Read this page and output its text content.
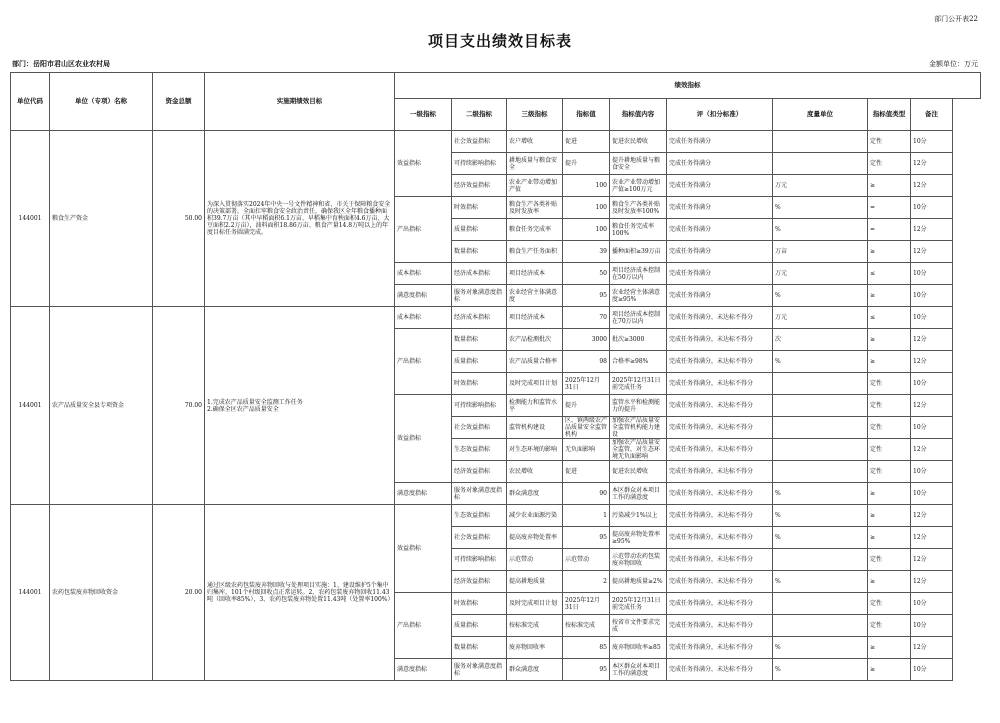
部门公开表22
项目支出绩效目标表
部门：岳阳市君山区农业农村局	金额单位：万元
单位代码	单位（专项）名称	资金总额	实施期绩效目标	绩效指标								
				一级指标	二级指标	三级指标	指标值	指标值内容	评（扣分标准）	度量单位	指标值类型	备注
144001	粮食生产资金	50.00	为深入贯彻落实2024年中央一号文件精神和省、市关于保障粮食安全的决策部署，全面扛牢粮食安全政治责任，确保我区全年粮食播种面积39.7万亩（其中早稻面积6.1万亩、早稻集中育秧面积4.6万亩、大豆面积2.2万亩），油料面积18.86万亩、粮食产量14.8万吨以上的年度目标任务圆满完成。	效益指标	社会效益指标	农户增收	促进	促进农民增收	完成任务得满分		定性	10分
					可持续影响指标	耕地质量与粮食安全	提升	提升耕地质量与粮食安全	完成任务得满分		定性	12分
					经济效益指标	农业产业带动增加产值	100	农业产业带动增加产值≥100万元	完成任务得满分	万元	≥	12分
				产出指标	时效指标	粮食生产各类补贴及时发放率	100	粮食生产各类补贴及时发放率100%	完成任务得满分	%	=	10分
					质量指标	粮食任务完成率	100	粮食任务完成率100%	完成任务得满分	%	=	12分
					数量指标	粮食生产任务面积	39	播种面积≥39万亩	完成任务得满分	万亩	≥	12分
				成本指标	经济成本指标	项目经济成本	50	项目经济成本控制在50万以内	完成任务得满分	万元	≤	10分
				满意度指标	服务对象满意度指标	农业经营主体满意度	95	农业经营主体满意度≥95%	完成任务得满分	%	≥	10分
144001	农产品质量安全县专项资金	70.00	1.完成农产品质量安全监测工作任务
2.确保全区农产品质量安全	成本指标	经济成本指标	项目经济成本	70	项目经济成本控制在70万以内	完成任务得满分，未达标不得分	万元	≤	10分
				产出指标	数量指标	农产品检测批次	3000	批次≥3000	完成任务得满分，未达标不得分	次	≥	12分
					质量指标	农产品质量合格率	98	合格率≥98%	完成任务得满分，未达标不得分	%	≥	12分
					时效指标	及时完成项目计划	2025年12月31日	2025年12月31日前完成任务	完成任务得满分，未达标不得分		定性	10分
				效益指标	可持续影响指标	检测能力和监管水平	提升	监管水平和检测能力的提升	完成任务得满分，未达标不得分		定性	12分
					社会效益指标	监管机构建设	区、镇两级农产品质量安全监管机构	加强农产品质量安全监管机构能力建设	完成任务得满分，未达标不得分		定性	10分
					生态效益指标	对生态环境的影响	无负面影响	加强农产品质量安全监管，对生态环境无负面影响	完成任务得满分，未达标不得分		定性	12分
					经济效益指标	农民增收	促进	促进农民增收	完成任务得满分，未达标不得分		定性	10分
				满意度指标	服务对象满意度指标	群众满意度	90	本区群众对本项目工作的满意度	完成任务得满分，未达标不得分	%	≥	10分
144001	农药包装废弃物回收资金	20.00	通过区级农药包装废弃物回收与处理项目实施：1、建设维护5个集中归集库，101个村级回收点正常运转。2、农药包装废弃物回收11.43吨（回收率85%），3、农药包装废弃物处置11.43吨（处置率100%）	效益指标	生态效益指标	减少农业面源污染	1	污染减少1%以上	完成任务得满分，未达标不得分	%	≥	12分
					社会效益指标	提高废弃物处置率	95	提高废弃物处置率≥95%	完成任务得满分，未达标不得分	%	≥	12分
					可持续影响指标	示范带动	示范带动	示范带动农药包装废弃物回收	完成任务得满分，未达标不得分		定性	12分
					经济效益指标	提高耕地质量	2	提高耕地质量≥2%	完成任务得满分，未达标不得分	%	≥	12分
				产出指标	时效指标	及时完成项目计划	2025年12月31日	2025年12月31日前完成任务	完成任务得满分，未达标不得分		定性	10分
					质量指标	按标准完成	按标准完成	按省市文件要求完成	完成任务得满分，未达标不得分		定性	10分
					数量指标	废弃物回收率	85	废弃物回收率≥85	完成任务得满分，未达标不得分	%	≥	12分
				满意度指标	服务对象满意度指标	群众满意度	95	本区群众对本项目工作的满意度	完成任务得满分，未达标不得分	%	≥	10分
